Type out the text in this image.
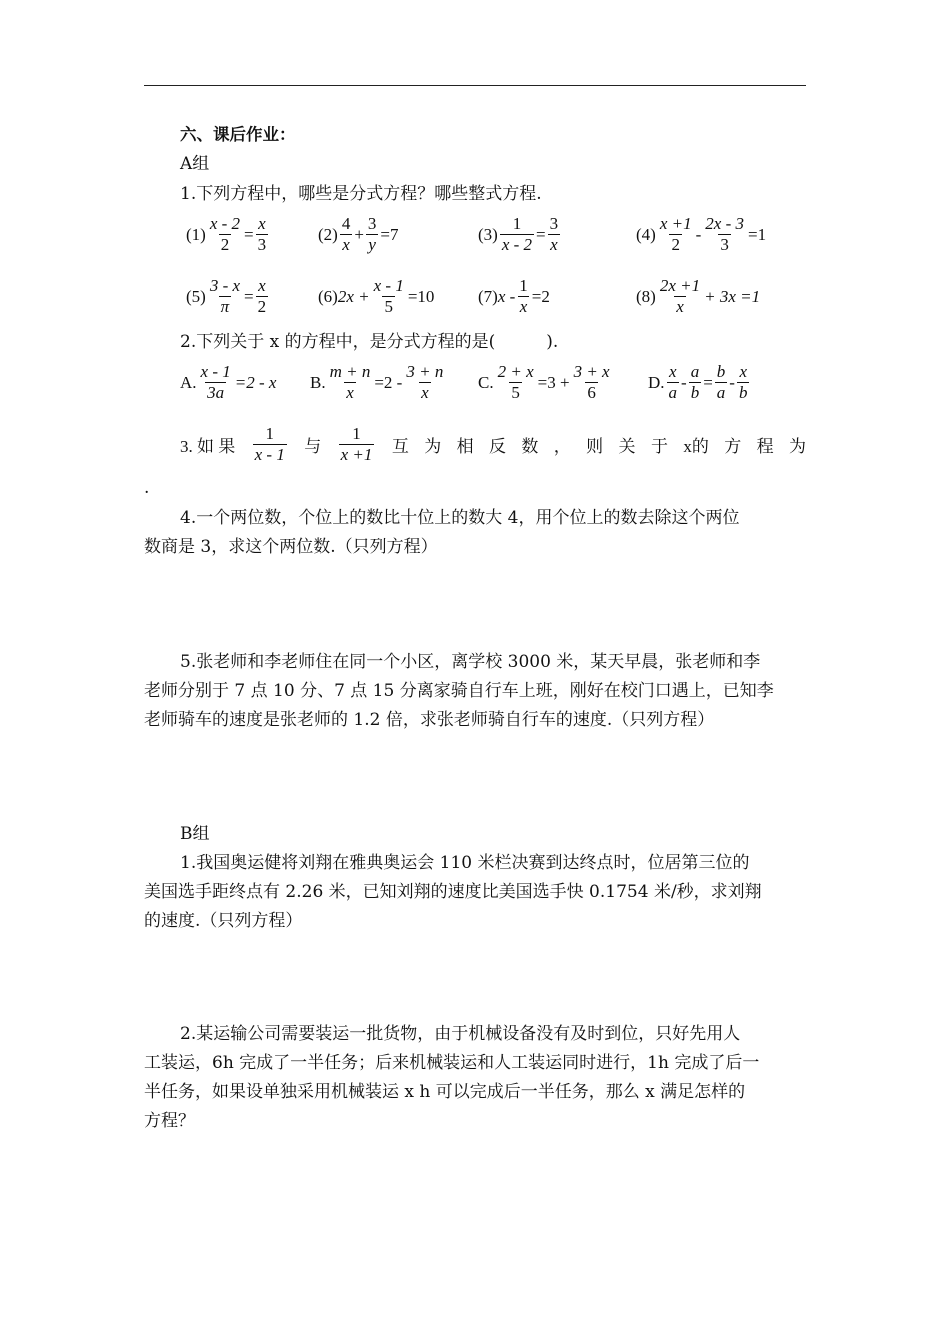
六、课后作业：
A组
1.下列方程中，哪些是分式方程？哪些整式方程.
$(1) \frac{x - 2}{2} = \frac{x}{3}$	$(2) \frac{4}{x} + \frac{3}{y} =7$	$(3) \frac{1}{x - 2} = \frac{3}{x}$	$(4) \frac{x +1}{2} - \frac{2x - 3}{3} =1$
$(5) \frac{3 - x}{\pi} = \frac{x}{2}$	(6) $2x + \frac{x - 1}{5} =10$	(7) $x - \frac{1}{x} =2$	$(8) \frac{2x +1}{x} + 3x =1$
2.下列关于 x 的方程中，是分式方程的是(　　　).
A. $\frac{x - 1}{3a} =2 - x$ B. $\frac{m + n}{x} =2 - \frac{3 + n}{x} C$. $\frac{2 + x}{5} =3 + \frac{3 + x}{6} D$. $\frac{x}{a} - \frac{a}{b} = \frac{b}{a} - \frac{x}{b}$
3. 如 果 $\frac{1}{x - 1}$ 与 $\frac{1}{x +1}$ 互 为 相 反 数 ， 则 关 于 x的 方 程 为
.
4.一个两位数，个位上的数比十位上的数大 4，用个位上的数去除这个两位
数商是 3，求这个两位数.（只列方程）
5.张老师和李老师住在同一个小区，离学校 3000 米，某天早晨，张老师和李
老师分别于 7 点 10 分、7 点 15 分离家骑自行车上班，刚好在校门口遇上，已知李
老师骑车的速度是张老师的 1.2 倍，求张老师骑自行车的速度.（只列方程）
B组
1.我国奥运健将刘翔在雅典奥运会 110 米栏决赛到达终点时，位居第三位的
美国选手距终点有 2.26 米，已知刘翔的速度比美国选手快 0.1754 米/秒，求刘翔
的速度.（只列方程）
2.某运输公司需要装运一批货物，由于机械设备没有及时到位，只好先用人
工装运，6h 完成了一半任务；后来机械装运和人工装运同时进行，1h 完成了后一
半任务，如果设单独采用机械装运 x h 可以完成后一半任务，那么 x 满足怎样的
方程？
